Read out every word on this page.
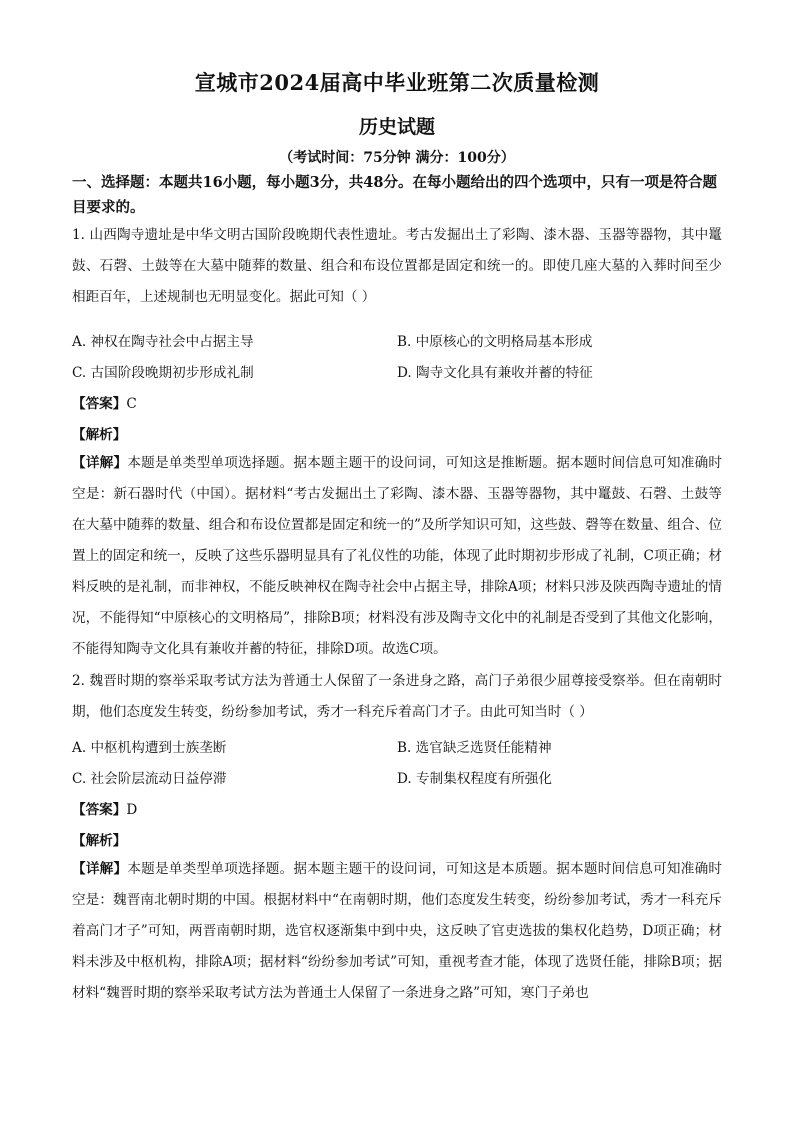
宣城市2024届高中毕业班第二次质量检测
历史试题
（考试时间：75分钟 满分：100分）
一、选择题：本题共16小题，每小题3分，共48分。在每小题给出的四个选项中，只有一项是符合题目要求的。
1. 山西陶寺遗址是中华文明古国阶段晚期代表性遗址。考古发掘出土了彩陶、漆木器、玉器等器物，其中鼍鼓、石磬、土鼓等在大墓中随葬的数量、组合和布设位置都是固定和统一的。即使几座大墓的入葬时间至少相距百年，上述规制也无明显变化。据此可知（ ）
A. 神权在陶寺社会中占据主导	B. 中原核心的文明格局基本形成
C. 古国阶段晚期初步形成礼制	D. 陶寺文化具有兼收并蓄的特征
【答案】C
【解析】
【详解】本题是单类型单项选择题。据本题主题干的设问词，可知这是推断题。据本题时间信息可知准确时空是：新石器时代（中国）。据材料“考古发掘出土了彩陶、漆木器、玉器等器物，其中鼍鼓、石磬、土鼓等在大墓中随葬的数量、组合和布设位置都是固定和统一的”及所学知识可知，这些鼓、磬等在数量、组合、位置上的固定和统一，反映了这些乐器明显具有了礼仪性的功能，体现了此时期初步形成了礼制，C项正确；材料反映的是礼制，而非神权，不能反映神权在陶寺社会中占据主导，排除A项；材料只涉及陕西陶寺遗址的情况，不能得知“中原核心的文明格局”，排除B项；材料没有涉及陶寺文化中的礼制是否受到了其他文化影响，不能得知陶寺文化具有兼收并蓄的特征，排除D项。故选C项。
2. 魏晋时期的察举采取考试方法为普通士人保留了一条进身之路，高门子弟很少屈尊接受察举。但在南朝时期，他们态度发生转变，纷纷参加考试，秀才一科充斥着高门才子。由此可知当时（ ）
A. 中枢机构遭到士族垄断	B. 选官缺乏选贤任能精神
C. 社会阶层流动日益停滞	D. 专制集权程度有所强化
【答案】D
【解析】
【详解】本题是单类型单项选择题。据本题主题干的设问词，可知这是本质题。据本题时间信息可知准确时空是：魏晋南北朝时期的中国。根据材料中“在南朝时期，他们态度发生转变，纷纷参加考试，秀才一科充斥着高门才子”可知，两晋南朝时期，选官权逐渐集中到中央，这反映了官吏选拔的集权化趋势，D项正确；材料未涉及中枢机构，排除A项；据材料“纷纷参加考试”可知，重视考查才能，体现了选贤任能，排除B项；据材料“魏晋时期的察举采取考试方法为普通士人保留了一条进身之路”可知，寒门子弟也
